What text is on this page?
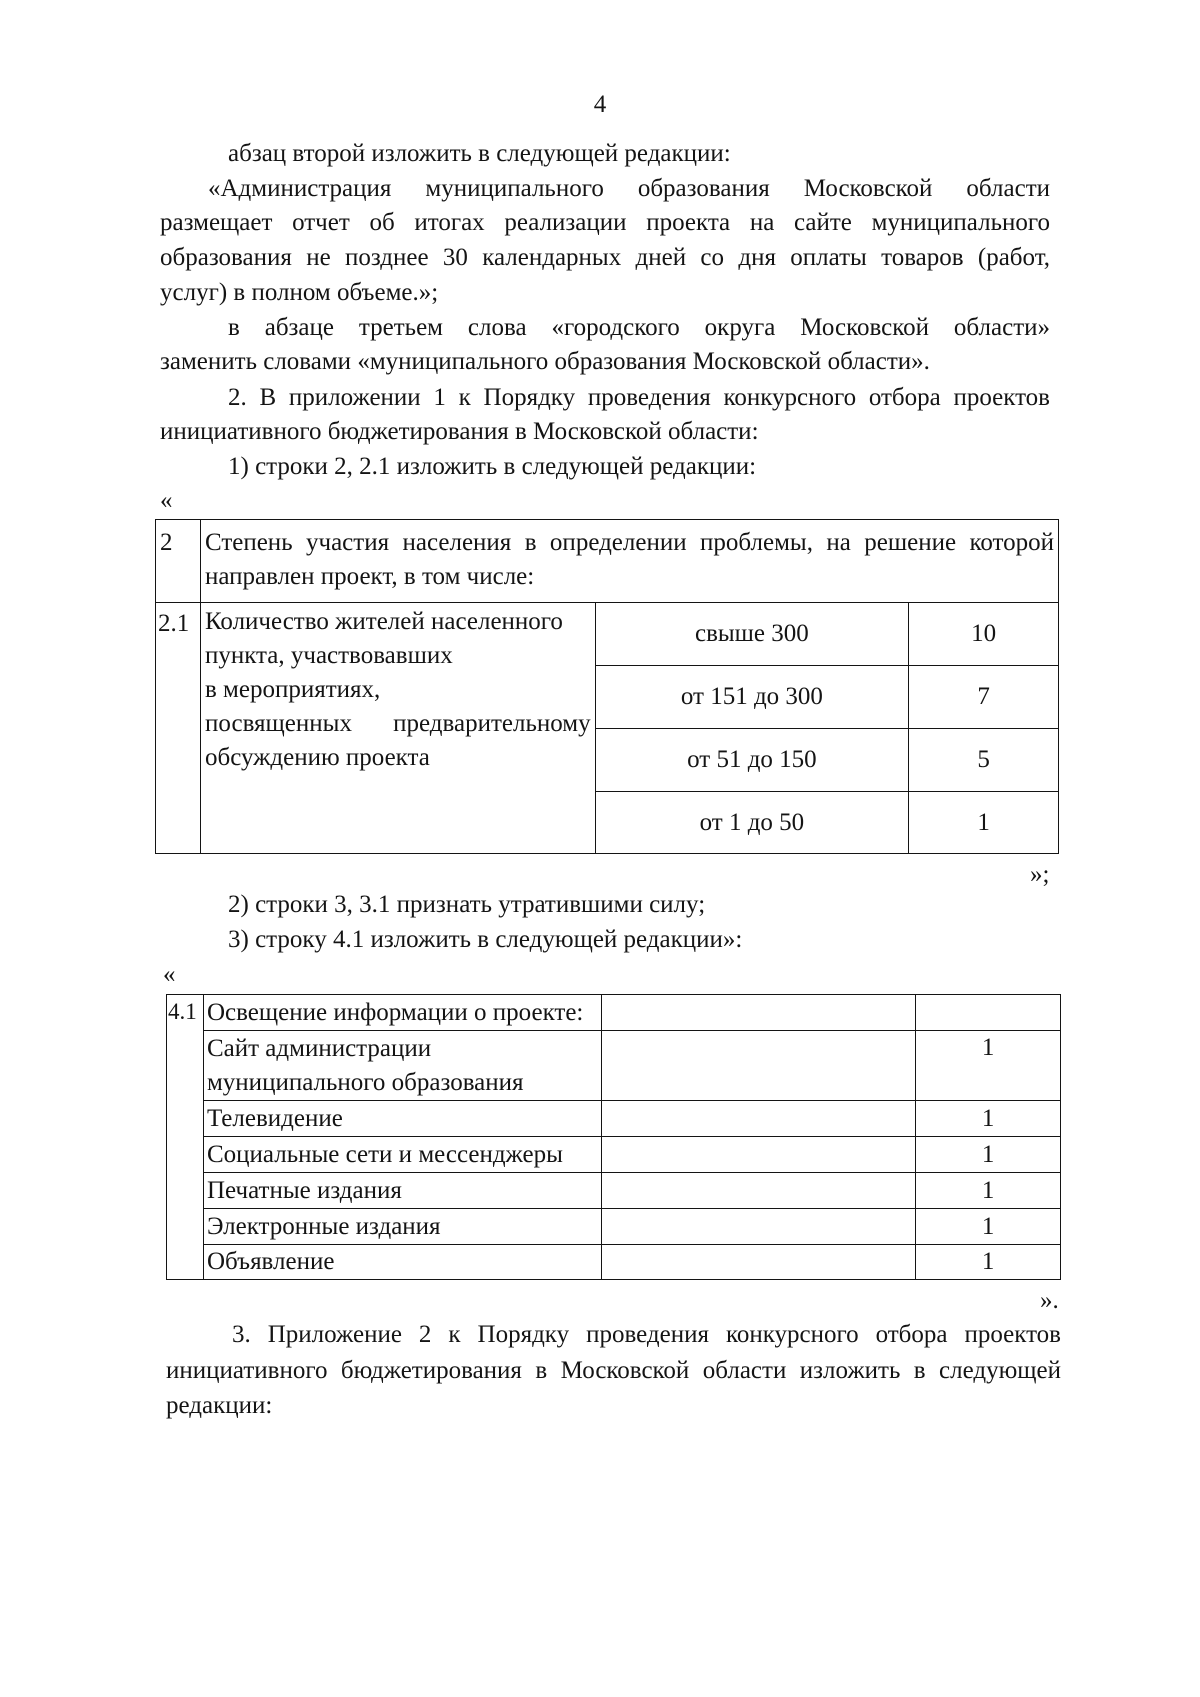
4
абзац второй изложить в следующей редакции:
«Администрация муниципального образования Московской области
размещает отчет об итогах реализации проекта на сайте муниципального
образования не позднее 30 календарных дней со дня оплаты товаров (работ,
услуг) в полном объеме.»;
в абзаце третьем слова «городского округа Московской области»
заменить словами «муниципального образования Московской области».
2. В приложении 1 к Порядку проведения конкурсного отбора проектов
инициативного бюджетирования в Московской области:
1) строки 2, 2.1 изложить в следующей редакции:
«
2	Степень участия населения в определении проблемы, на решение которой
направлен проект, в том числе:		

2.1	Количество жителей населенного
пункта, участвовавших
в мероприятиях,
посвященных предварительному
обсуждению проекта	свыше 300	10
		от 151 до 300	7
		от 51 до 150	5
		от 1 до 50	1
»;
2) строки 3, 3.1 признать утратившими силу;
3) строку 4.1 изложить в следующей редакции»:
«
4.1	Освещение информации о проекте:		

	Сайт администрации
муниципального образования		1
	Телевидение		1
	Социальные сети и мессенджеры		1
	Печатные издания		1
	Электронные издания		1
	Объявление		1
».
3. Приложение 2 к Порядку проведения конкурсного отбора проектов
инициативного бюджетирования в Московской области изложить в следующей
редакции:
